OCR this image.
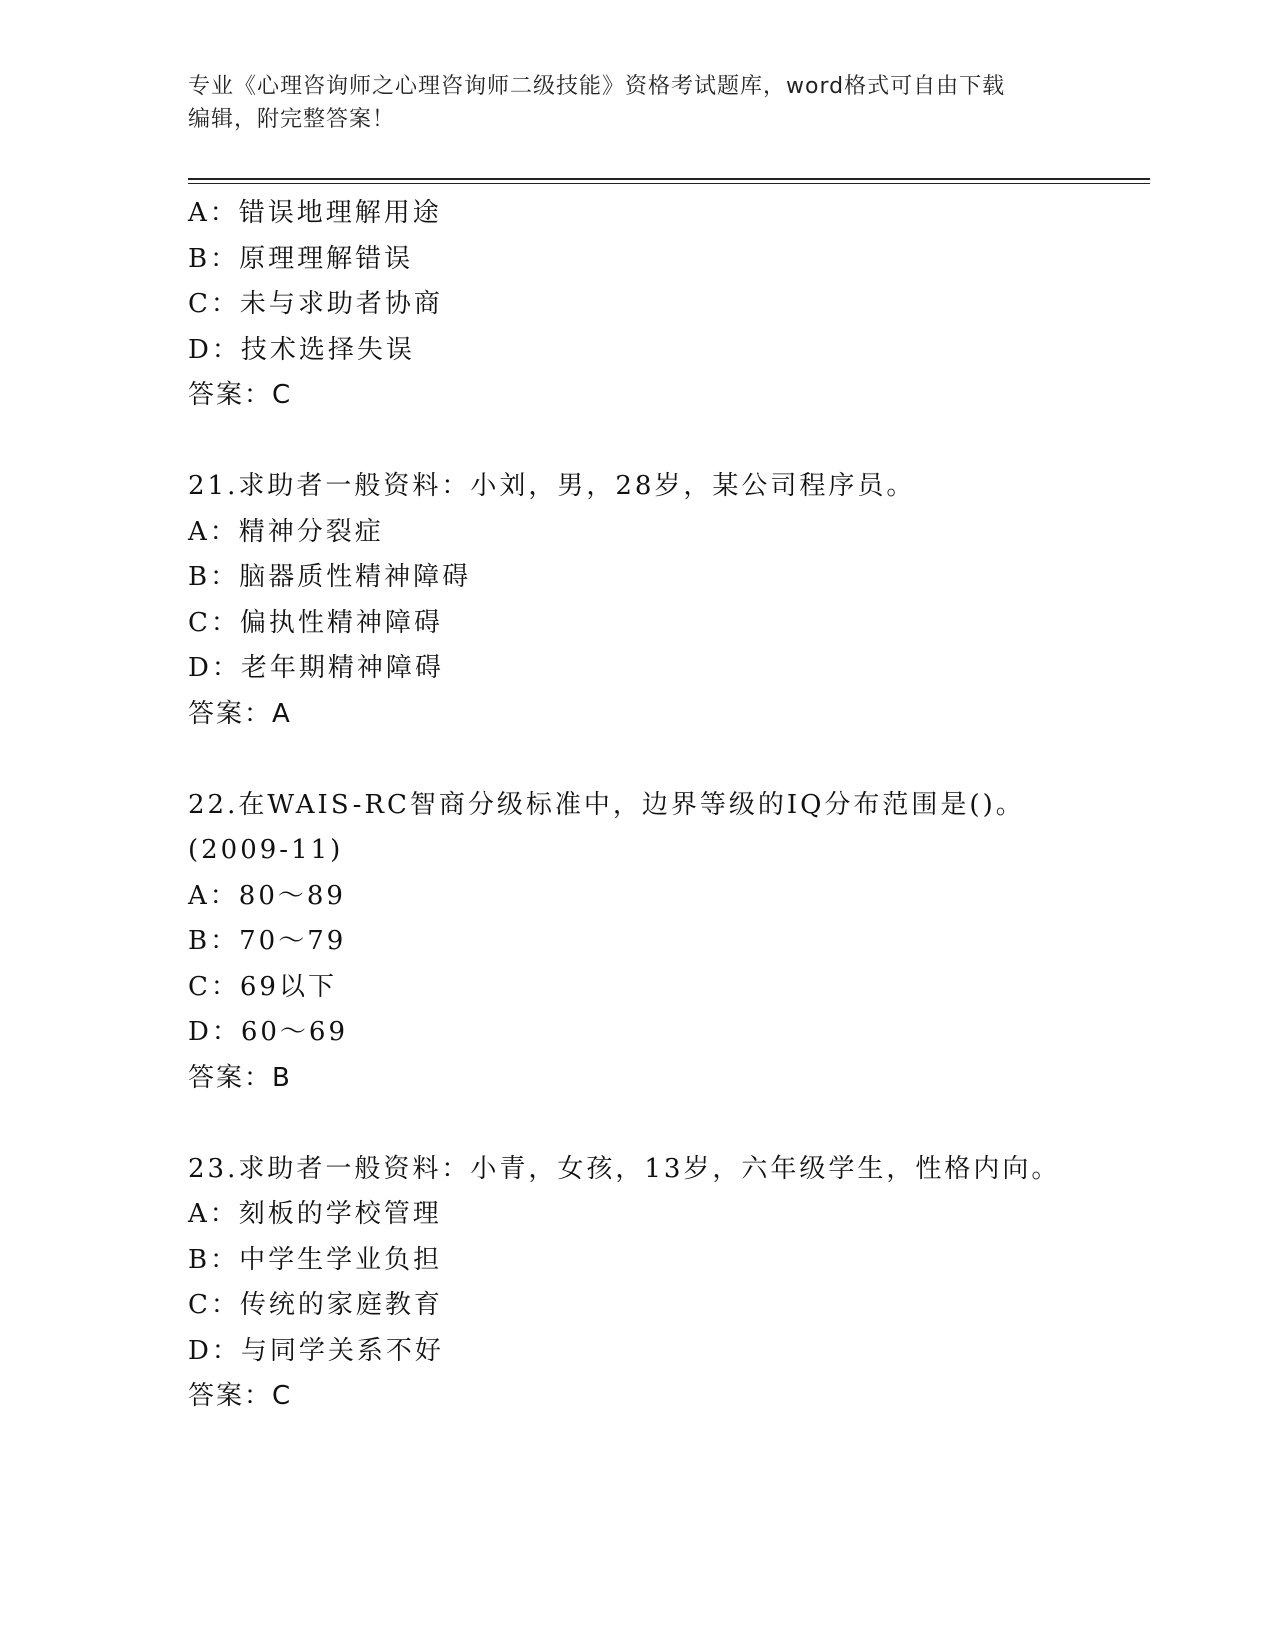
专业《心理咨询师之心理咨询师二级技能》资格考试题库，word格式可自由下载
编辑，附完整答案！
A：错误地理解用途
B：原理理解错误
C：未与求助者协商
D：技术选择失误
答案：C
21.求助者一般资料：小刘，男，28岁，某公司程序员。
A：精神分裂症
B：脑器质性精神障碍
C：偏执性精神障碍
D：老年期精神障碍
答案：A
22.在WAIS-RC智商分级标准中，边界等级的IQ分布范围是()。
(2009-11)
A：80～89
B：70～79
C：69以下
D：60～69
答案：B
23.求助者一般资料：小青，女孩，13岁，六年级学生，性格内向。
A：刻板的学校管理
B：中学生学业负担
C：传统的家庭教育
D：与同学关系不好
答案：C
